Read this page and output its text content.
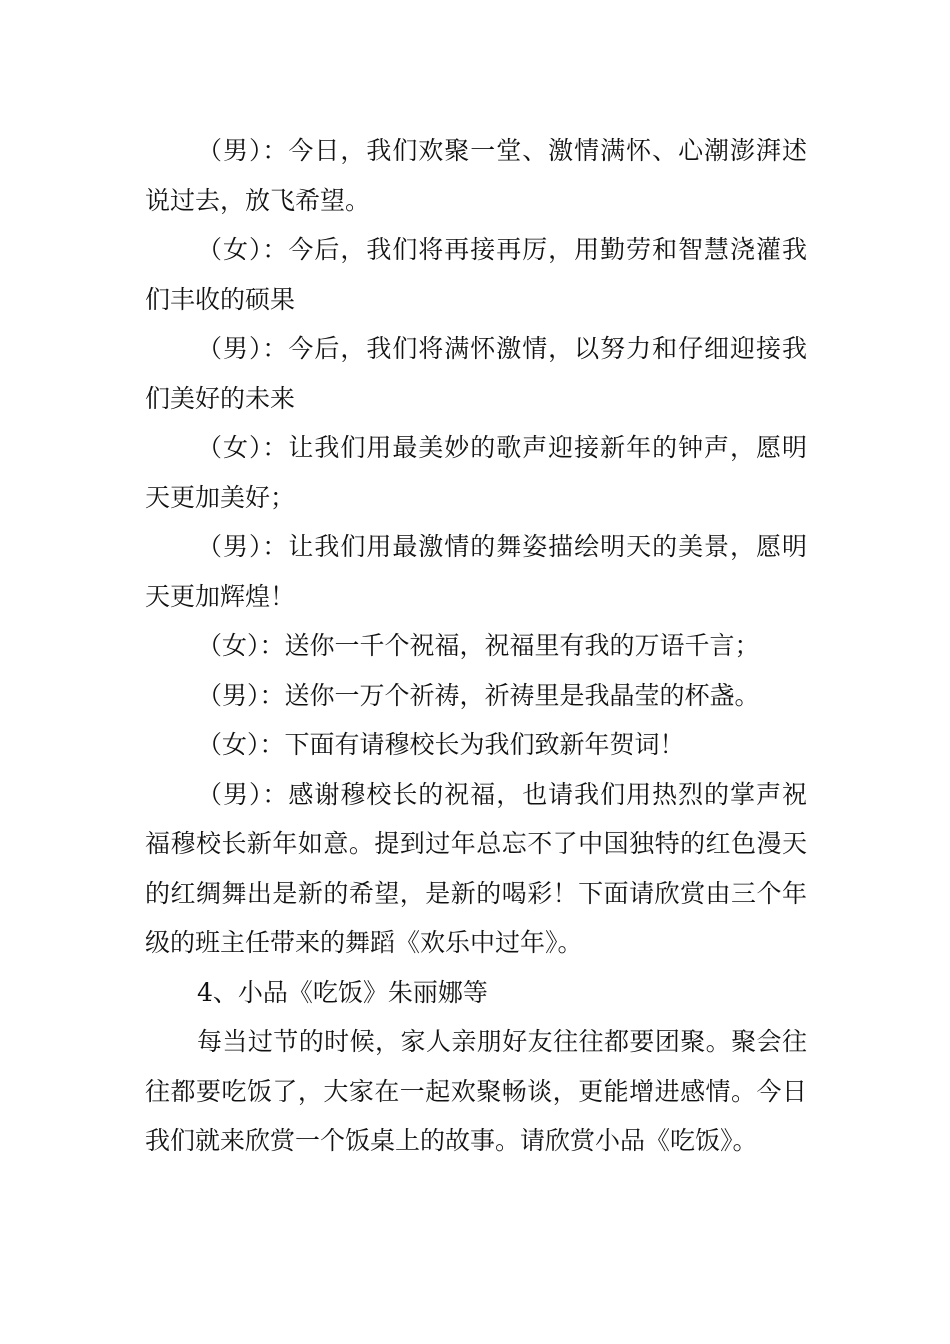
（男）：今日，我们欢聚一堂、激情满怀、心潮澎湃述说过去，放飞希望。

（女）：今后，我们将再接再厉，用勤劳和智慧浇灌我们丰收的硕果

（男）：今后，我们将满怀激情，以努力和仔细迎接我们美好的未来

（女）：让我们用最美妙的歌声迎接新年的钟声，愿明天更加美好；

（男）：让我们用最激情的舞姿描绘明天的美景，愿明天更加辉煌！

（女）：送你一千个祝福，祝福里有我的万语千言；

（男）：送你一万个祈祷，祈祷里是我晶莹的杯盏。

（女）：下面有请穆校长为我们致新年贺词！

（男）：感谢穆校长的祝福，也请我们用热烈的掌声祝福穆校长新年如意。提到过年总忘不了中国独特的红色漫天的红绸舞出是新的希望，是新的喝彩！下面请欣赏由三个年级的班主任带来的舞蹈《欢乐中过年》。

4、小品《吃饭》朱丽娜等

每当过节的时候，家人亲朋好友往往都要团聚。聚会往往都要吃饭了，大家在一起欢聚畅谈，更能增进感情。今日我们就来欣赏一个饭桌上的故事。请欣赏小品《吃饭》。
